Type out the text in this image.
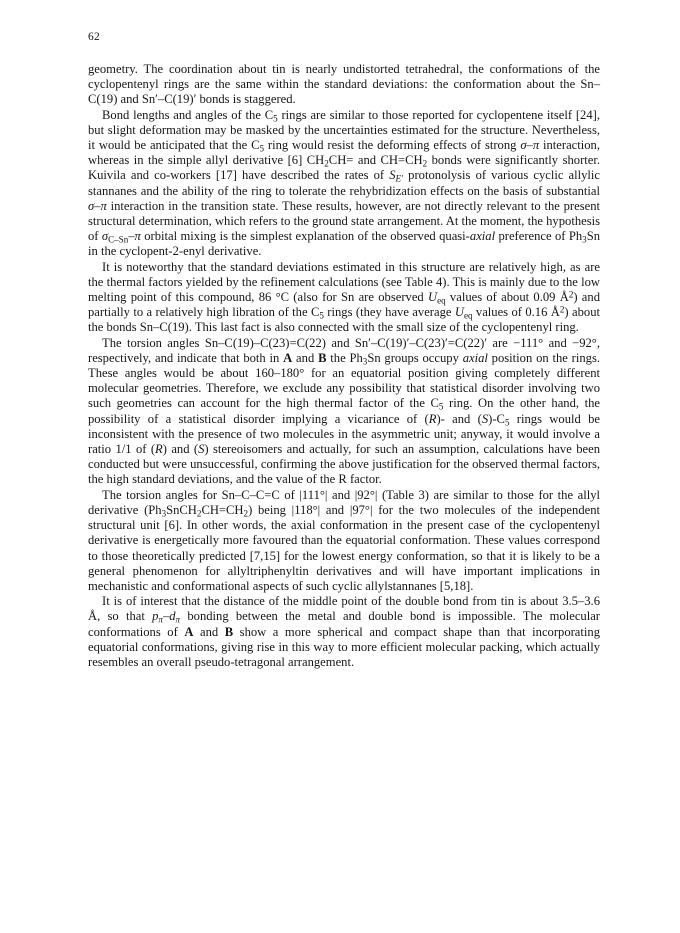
62

geometry. The coordination about tin is nearly undistorted tetrahedral, the conformations of the cyclopentenyl rings are the same within the standard deviations: the conformation about the Sn–C(19) and Sn′–C(19)′ bonds is staggered.

Bond lengths and angles of the $C_5$ rings are similar to those reported for cyclopentene itself [24], but slight deformation may be masked by the uncertainties estimated for the structure. Nevertheless, it would be anticipated that the $C_5$ ring would resist the deforming effects of strong σ–π interaction, whereas in the simple allyl derivative [6] $CH_2CH=$ and $CH=CH_2$ bonds were significantly shorter. Kuivila and co-workers [17] have described the rates of $S_{E'}$ protonolysis of various cyclic allylic stannanes and the ability of the ring to tolerate the rehybridization effects on the basis of substantial σ–π interaction in the transition state. These results, however, are not directly relevant to the present structural determination, which refers to the ground state arrangement. At the moment, the hypothesis of $\sigma_{C-Sn}-\pi$ orbital mixing is the simplest explanation of the observed quasi-axial preference of $Ph_3Sn$ in the cyclopent-2-enyl derivative.

It is noteworthy that the standard deviations estimated in this structure are relatively high, as are the thermal factors yielded by the refinement calculations (see Table 4). This is mainly due to the low melting point of this compound, 86 °C (also for Sn are observed $U_{eq}$ values of about 0.09 $Å^2$) and partially to a relatively high libration of the $C_5$ rings (they have average $U_{eq}$ values of 0.16 $Å^2$) about the bonds Sn–C(19). This last fact is also connected with the small size of the cyclopentenyl ring.

The torsion angles Sn–C(19)–C(23)=C(22) and Sn′–C(19)′–C(23)′=C(22)′ are −111° and −92°, respectively, and indicate that both in A and B the $Ph_3Sn$ groups occupy axial position on the rings. These angles would be about 160–180° for an equatorial position giving completely different molecular geometries. Therefore, we exclude any possibility that statistical disorder involving two such geometries can account for the high thermal factor of the $C_5$ ring. On the other hand, the possibility of a statistical disorder implying a vicariance of (R)- and $(S)-C_5$ rings would be inconsistent with the presence of two molecules in the asymmetric unit; anyway, it would involve a ratio 1/1 of (R) and (S) stereoisomers and actually, for such an assumption, calculations have been conducted but were unsuccessful, confirming the above justification for the observed thermal factors, the high standard deviations, and the value of the R factor.

The torsion angles for Sn–C–C=C of |111°| and |92°| (Table 3) are similar to those for the allyl derivative $(Ph_3SnCH_2CH=CH_2)$ being |118°| and |97°| for the two molecules of the independent structural unit [6]. In other words, the axial conformation in the present case of the cyclopentenyl derivative is energetically more favoured than the equatorial conformation. These values correspond to those theoretically predicted [7,15] for the lowest energy conformation, so that it is likely to be a general phenomenon for allyltriphenyltin derivatives and will have important implications in mechanistic and conformational aspects of such cyclic allylstannanes [5,18].

It is of interest that the distance of the middle point of the double bond from tin is about 3.5–3.6 Å, so that $p_\pi-d_\pi$ bonding between the metal and double bond is impossible. The molecular conformations of A and B show a more spherical and compact shape than that incorporating equatorial conformations, giving rise in this way to more efficient molecular packing, which actually resembles an overall pseudo-tetragonal arrangement.
